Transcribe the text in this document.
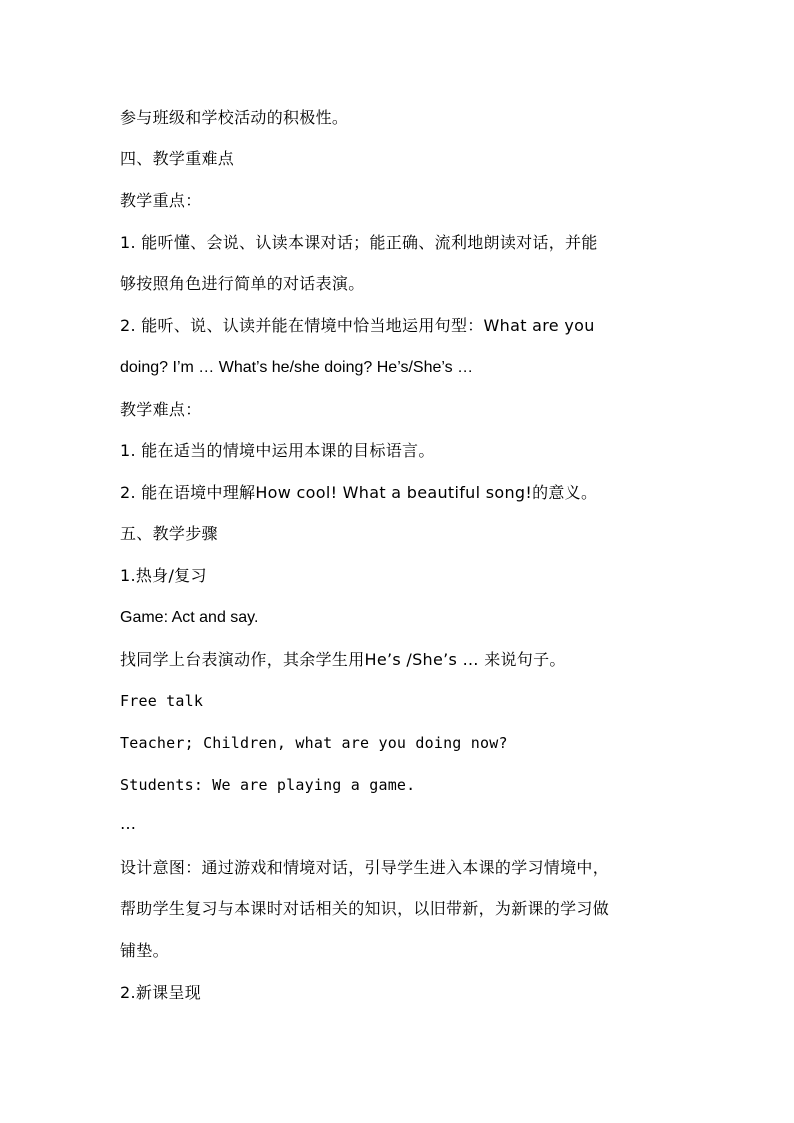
参与班级和学校活动的积极性。
四、教学重难点
教学重点：
1. 能听懂、会说、认读本课对话；能正确、流利地朗读对话，并能
够按照角色进行简单的对话表演。
2. 能听、说、认读并能在情境中恰当地运用句型：What are you
doing? I’m … What’s he/she doing? He’s/She’s …
教学难点：
1. 能在适当的情境中运用本课的目标语言。
2. 能在语境中理解How cool! What a beautiful song!的意义。
五、教学步骤
1.热身/复习
Game: Act and say.
找同学上台表演动作，其余学生用He’s /She’s … 来说句子。
Free talk
Teacher; Children, what are you doing now?
Students: We are playing a game.
…
设计意图：通过游戏和情境对话，引导学生进入本课的学习情境中，
帮助学生复习与本课时对话相关的知识，以旧带新，为新课的学习做
铺垫。
2.新课呈现
